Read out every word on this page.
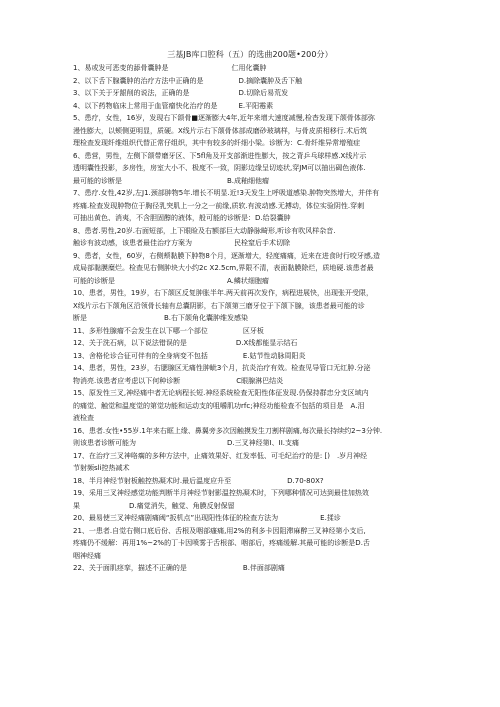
三基JB库口腔科（五）的选曲200题•200分）
1、易或发可恶变的舔骨囊肿是　　　　　　　　　仁用化囊肿
2、以下舌下腺囊肿的治疗方法中正确的是　　　　　D.摘除囊肿及舌下触
3、以下关于牙龈削的说法，正确的是　　　　　　　D.切除后易荒发
4、以下药物临床上常用于血管瘤快化治疗的是　　　E.平阳霉素
5、患疗，女性，16岁，发现右下颌骨■逐渐膨大4年,近年来增大速度减慢,检杳发现下颌骨体部弥
漫性膨大，以颊侧更明显，质硬。X线片示右下颌骨体部成磨砂玻璃样，与骨皮质相移行.术后筑
理检查发现纤维组织代替正常仔组织，其中有较多的纤细小梁。诊断为：C.骨纤维异常增殖症
6、患营，男性，左侧下颌带磨牙区、下5fl角及开支部渐进性膨大，按之背乒乓球样感.X线片示
透明囊性投影，多房性，房室大小不、极度不一致，阴影边缘呈切迹状,穿JM可以抽出碣色液体.
最可能的诊断是　　　　　　　　　　　　　　　B.成釉细他瘤
7、患疗.女性,42岁,左J1.颈部肿物5年.增长不明显.近!3天发生上呼吸道感染.肿物突然增大，并伴有
疼痛.检查发现肿物位于胸径乳突肌上一分之一前缘,质软.有波动感.无搏动，体位实验阴性.穿刺
可抽出黄色、消夷，不含胆固醇的液体，般可能的诊断是：D.给裂囊肿
8、患者.男性,20岁.右面短部，上下眼睑及右额部巨大动静脉畸形,听诊有吹风样杂音.
触诊有波动感，该患者最佳治疗方案为　　　　　　民栓窒后手术切除
9、患者，女性，60岁，右侧颊黏膜下肿物8个月，逐渐增大，轻度痛痛，近来在进食时行咬牙感,造
成局部黏膜糜烂。检查见右侧肿块大小约2c X2.5cm,界限不清，表面黏膜除烂，质地硬.该患者最
可能的诊断是　　　　　　　　　　　　　　　　A.鳞状细胞瘤
10、患者，男性，19岁，右下颌区反复肿胀半年.两天前再次发作，病程进展快，出现张开受限，
X线片示右下颌角区沿领骨长轴有总囊阴影，右下颌第三磨牙位于下颌下腺，该患者最可能的诊
断是　　　　　　　　　　　B.右下颌角化囊肿维发感染
11、多形性腺瘤不会发生在以下哪一个部位　　　　　区牙板
12、关于洗石病，以下说法错误的是　　　　　　　D.X线都能显示结石
13、舍格伦诊合征可伴有的全身病变不包括　　　　　E.姑节性动脉周阳炎
14、患者，男性，23岁，右腮腺区无痛性肿眦3个月，抗炎治疗有效。检查见导管口无红肿.分泌
物消亮.该患者应考虑以下何种诊断　　　　　　　　C眼腺淋巴结炎
15、原发性三叉,神经痛中者无论病程长短.神经系统检查无阳性体征发现.仍保持群忠分支区域内
的痛觉、触觉和温度觉的第觉功能和运动支的咀嚼肌功rfc;神经功能检查不包括的项目是　A.泪
液检查
16、患者.女性•55岁.1年来右眶上缘、鼻翼旁多次因触摸发生刀割样剧痛,每次最长持续约2~3分钟.
则该患者诊断可能为　　　　　　　　　　　　　D.三叉神经第I、II.支痛
17、在治疗三叉神咯瘸的多种方法中，止痛效果好、红发率低、可毛纪治疗的是: [)　.岁月神经
节射频sli控热减术
18、半月神经节射板触控热凝术时.最后温度应升至　　　　　　　　D.70-80X?
19、采用三叉神经感觉功能判断半月神经节射影温控热凝术时，下列哪种情况可达到最佳加热效
果　　　　　　　D.痛觉消失，触觉、角膜反射保留
20、最易使三叉神经痛剧痛阈“扳机点”出现阳性体征的检查方法为　　　　　　E.揉诊
21、一患者.自觉右侧口底后份、舌根及咽部瘙痛,用2%的利多卡因阻滞麻醉三叉神经第小支后,
疼痛仍不缓解：再用1%~2%的丁卡因喷雾于舌根部、咽部后，疼痛缓解.其最可能的诊断是D.舌
咽神经痛
22、关于面肌痉挛，描述不正确的是　　　　　　　　B.伴面部剧痛
